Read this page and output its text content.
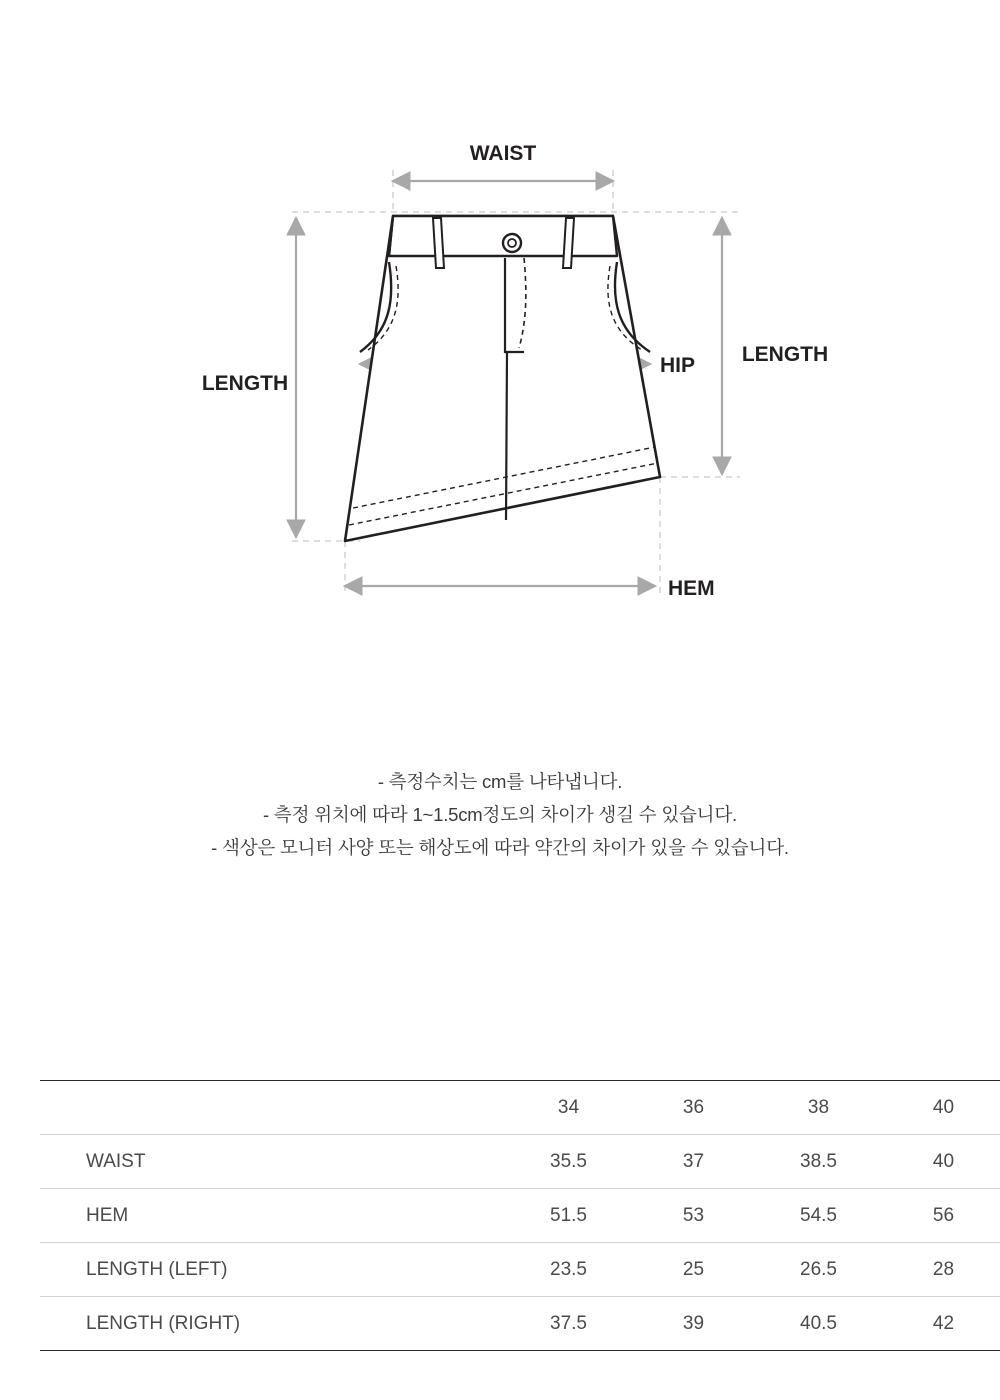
WAIST
LENGTH
LENGTH
HIP
HEM
- 측정수치는 cm를 나타냅니다.
- 측정 위치에 따라 1~1.5cm정도의 차이가 생길 수 있습니다.
- 색상은 모니터 사양 또는 해상도에 따라 약간의 차이가 있을 수 있습니다.
	34	36	38	40
WAIST	35.5	37	38.5	40
HEM	51.5	53	54.5	56
LENGTH (LEFT)	23.5	25	26.5	28
LENGTH (RIGHT)	37.5	39	40.5	42
